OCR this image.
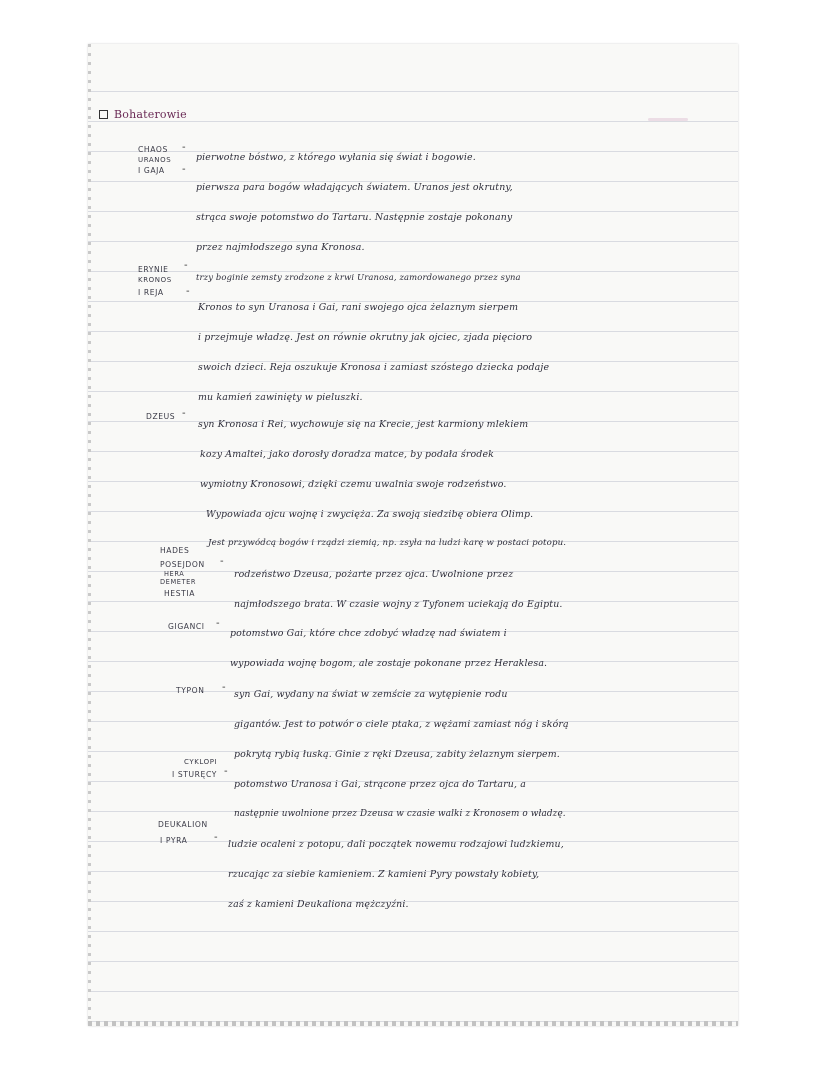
Bohaterowie
CHAOS
URANOS
I GAJA
-
-
pierwotne bóstwo, z którego wyłania się świat i bogowie.
pierwsza para bogów władających światem. Uranos jest okrutny,
strąca swoje potomstwo do Tartaru. Następnie zostaje pokonany
przez najmłodszego syna Kronosa.
ERYNIE
KRONOS
I REJA
-
-
trzy boginie zemsty zrodzone z krwi Uranosa, zamordowanego przez syna
Kronos to syn Uranosa i Gai, rani swojego ojca żelaznym sierpem
i przejmuje władzę. Jest on równie okrutny jak ojciec, zjada pięcioro
swoich dzieci. Reja oszukuje Kronosa i zamiast szóstego dziecka podaje
mu kamień zawinięty w pieluszki.
DZEUS -
syn Kronosa i Rei, wychowuje się na Krecie, jest karmiony mlekiem
kozy Amaltei, jako dorosły doradza matce, by podała środek
wymiotny Kronosowi, dzięki czemu uwalnia swoje rodzeństwo.
Wypowiada ojcu wojnę i zwycięża. Za swoją siedzibę obiera Olimp.
Jest przywódcą bogów i rządzi ziemią, np. zsyła na ludzi karę w postaci potopu.
HADES
POSEJDON
HERA
DEMETER
HESTIA
-
rodzeństwo Dzeusa, pożarte przez ojca. Uwolnione przez
najmłodszego brata. W czasie wojny z Tyfonem uciekają do Egiptu.
GIGANCI -
potomstwo Gai, które chce zdobyć władzę nad światem i
wypowiada wojnę bogom, ale zostaje pokonane przez Heraklesa.
TYPON -
syn Gai, wydany na świat w zemście za wytępienie rodu
gigantów. Jest to potwór o ciele ptaka, z wężami zamiast nóg i skórą
pokrytą rybią łuską. Ginie z ręki Dzeusa, zabity żelaznym sierpem.
CYKLOPI
I STURĘCY -
potomstwo Uranosa i Gai, strącone przez ojca do Tartaru, a
następnie uwolnione przez Dzeusa w czasie walki z Kronosem o władzę.
DEUKALION
I PYRA	-
ludzie ocaleni z potopu, dali początek nowemu rodzajowi ludzkiemu,
rzucając za siebie kamieniem. Z kamieni Pyry powstały kobiety,
zaś z kamieni Deukaliona mężczyźni.
